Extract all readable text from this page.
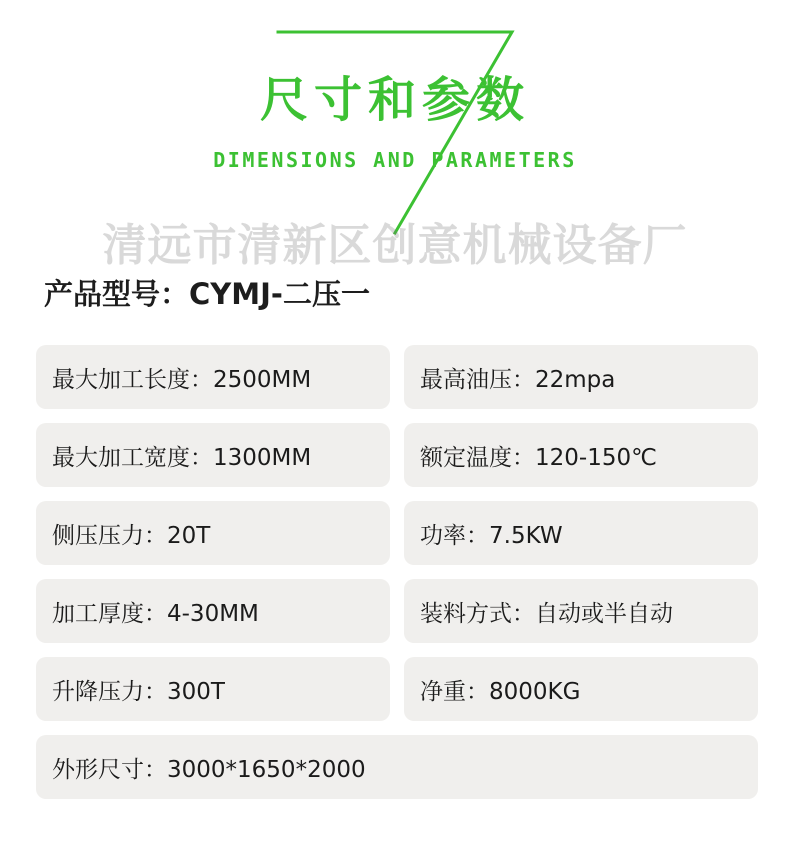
尺寸和参数
DIMENSIONS AND PARAMETERS
清远市清新区创意机械设备厂
产品型号：CYMJ-二压一
最大加工长度：2500MM	最高油压：22mpa
最大加工宽度：1300MM	额定温度：120-150℃
侧压压力：20T	功率：7.5KW
加工厚度：4-30MM	装料方式：自动或半自动
升降压力：300T	净重：8000KG
外形尺寸：3000*1650*2000
